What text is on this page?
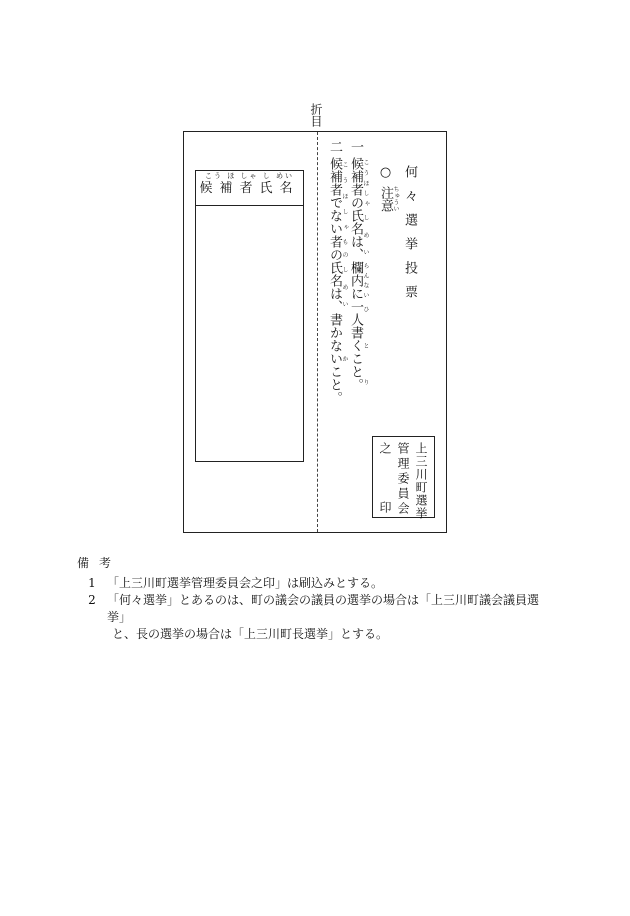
折目
何々選挙投票
○注意 ちゅうい
一候補者の こうほしゃ氏名は、 しめい欄内に らんない一人書くこと。 ひとり
二候補者でない こうほしゃ者の もの氏名は、 しめい書かないこと。 か
こう ほ しゃ し めい
候補者氏名
上三川町選挙
管理委員会
之印
備考
1 「上三川町選挙管理委員会之印」は刷込みとする。
2 「何々選挙」とあるのは、町の議会の議員の選挙の場合は「上三川町議会議員選挙」
と、長の選挙の場合は「上三川町長選挙」とする。
